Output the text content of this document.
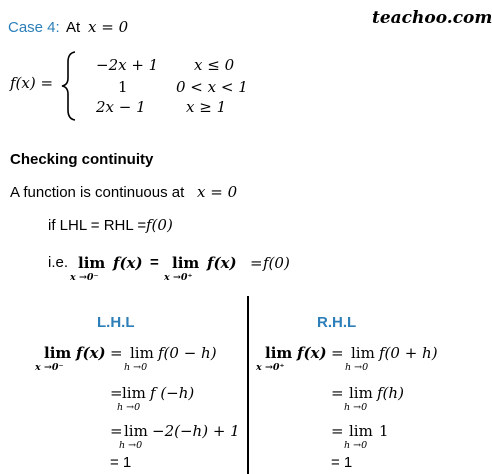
Case 4: At x = 0	teachoo.com
f(x) =
−2x + 1 x ≤ 0
1	0 < x < 1
2x − 1	x ≥ 1
Checking continuity
A function is continuous at x = 0
if LHL = RHL = f(0)
i.e. lim
x →0⁻
f(x) = lim
x →0⁺
f(x) = f(0)
L.H.L
lim
x →0⁻
f(x) = lim
h →0
f(0 − h)
= lim
h →0
f (−h)
= lim
h →0
−2(−h) + 1
= 1
R.H.L
lim
x →0⁺
f(x) = lim
h →0
f(0 + h)
= lim
h →0
f(h)
= lim
h →0
1
= 1
